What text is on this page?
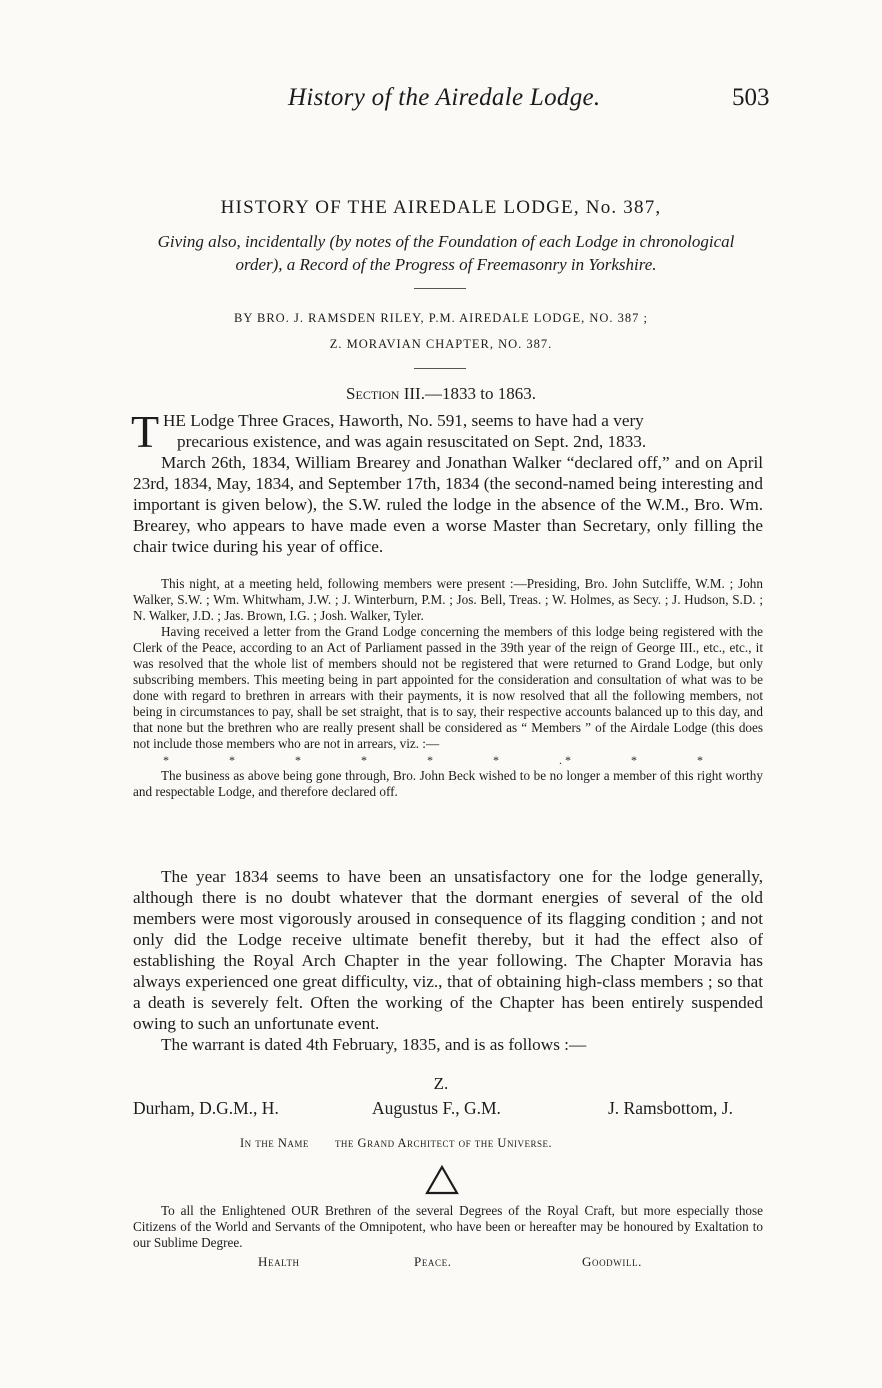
History of the Airedale Lodge.	503
HISTORY OF THE AIREDALE LODGE, No. 387,
Giving also, incidentally (by notes of the Foundation of each Lodge in chronological
order), a Record of the Progress of Freemasonry in Yorkshire.
BY BRO. J. RAMSDEN RILEY, P.M. AIREDALE LODGE, NO. 387 ;
Z. MORAVIAN CHAPTER, NO. 387.
Section III.—1833 to 1863.
T HE Lodge Three Graces, Haworth, No. 591, seems to have had a very
precarious existence, and was again resuscitated on Sept. 2nd, 1833.

March 26th, 1834, William Brearey and Jonathan Walker “declared off,” and on April 23rd, 1834, May, 1834, and September 17th, 1834 (the second-named being interesting and important is given below), the S.W. ruled the lodge in the absence of the W.M., Bro. Wm. Brearey, who appears to have made even a worse Master than Secretary, only filling the chair twice during his year of office.

This night, at a meeting held, following members were present :—Presiding, Bro. John Sutcliffe, W.M. ; John Walker, S.W. ; Wm. Whitwham, J.W. ; J. Winterburn, P.M. ; Jos. Bell, Treas. ; W. Holmes, as Secy. ; J. Hudson, S.D. ; N. Walker, J.D. ; Jas. Brown, I.G. ; Josh. Walker, Tyler.

Having received a letter from the Grand Lodge concerning the members of this lodge being registered with the Clerk of the Peace, according to an Act of Parliament passed in the 39th year of the reign of George III., etc., etc., it was resolved that the whole list of members should not be registered that were returned to Grand Lodge, but only subscribing members. This meeting being in part appointed for the consideration and consultation of what was to be done with regard to brethren in arrears with their payments, it is now resolved that all the following members, not being in circumstances to pay, shall be set straight, that is to say, their respective accounts balanced up to this day, and that none but the brethren who are really present shall be considered as “ Members ” of the Airdale Lodge (this does not include those members who are not in arrears, viz. :—

*	*	*	*	*	*	. *	*	*

The business as above being gone through, Bro. John Beck wished to be no longer a member of this right worthy and respectable Lodge, and therefore declared off.

The year 1834 seems to have been an unsatisfactory one for the lodge generally, although there is no doubt whatever that the dormant energies of several of the old members were most vigorously aroused in consequence of its flagging condition ; and not only did the Lodge receive ultimate benefit thereby, but it had the effect also of establishing the Royal Arch Chapter in the year following. The Chapter Moravia has always experienced one great difficulty, viz., that of obtaining high-class members ; so that a death is severely felt. Often the working of the Chapter has been entirely suspended owing to such an unfortunate event.

The warrant is dated 4th February, 1835, and is as follows :—

Z.
Durham, D.G.M., H.	Augustus F., G.M.	J. Ramsbottom, J.
In the Name the Grand Architect of the Universe.

To all the Enlightened OUR Brethren of the several Degrees of the Royal Craft, but more especially those Citizens of the World and Servants of the Omnipotent, who have been or hereafter may be honoured by Exaltation to our Sublime Degree.

Health	Peace.	Goodwill.
